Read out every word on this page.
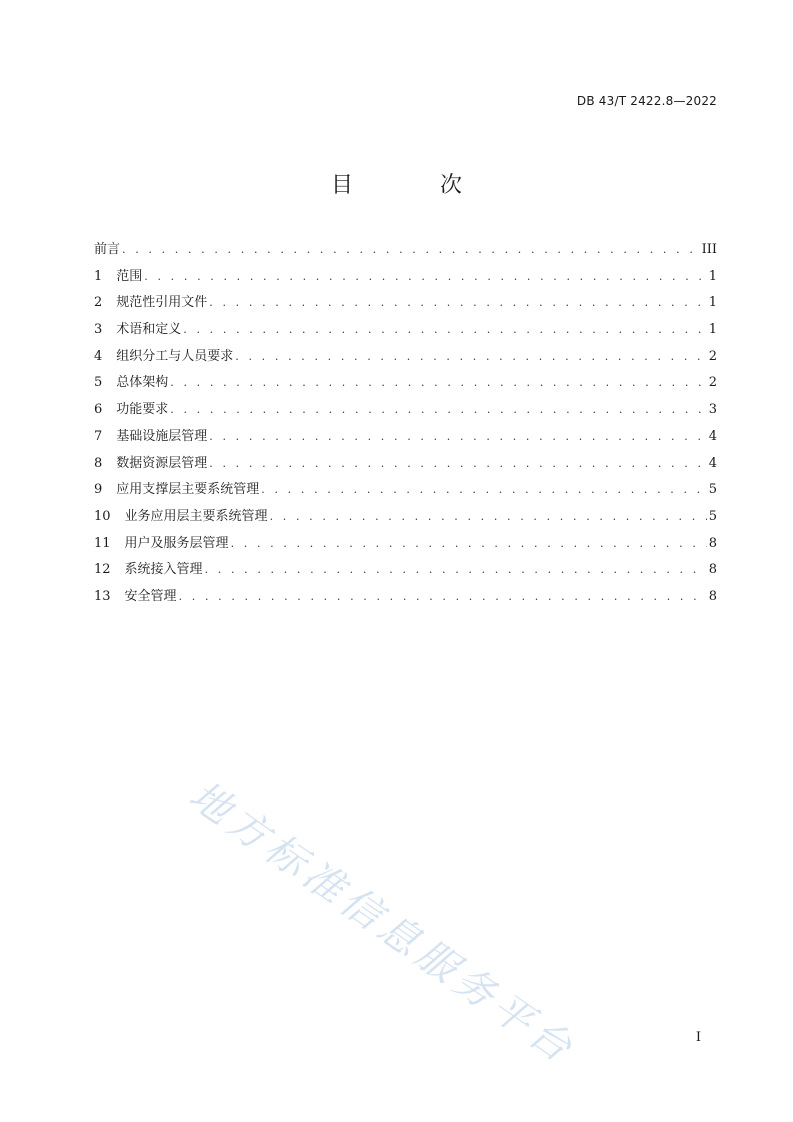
DB 43/T 2422.8—2022
目 次
前言 . . .	III
1 范围 . . .	1
2 规范性引用文件 . . .	1
3 术语和定义 . . .	1
4 组织分工与人员要求 . . .	2
5 总体架构 . . .	2
6 功能要求 . . .	3
7 基础设施层管理 . . .	4
8 数据资源层管理 . . .	4
9 应用支撑层主要系统管理 . . .	5
10 业务应用层主要系统管理 . . .	5
11 用户及服务层管理 . . .	8
12 系统接入管理 . . .	8
13 安全管理 . . .	8
地方标准信息服务平台	I
